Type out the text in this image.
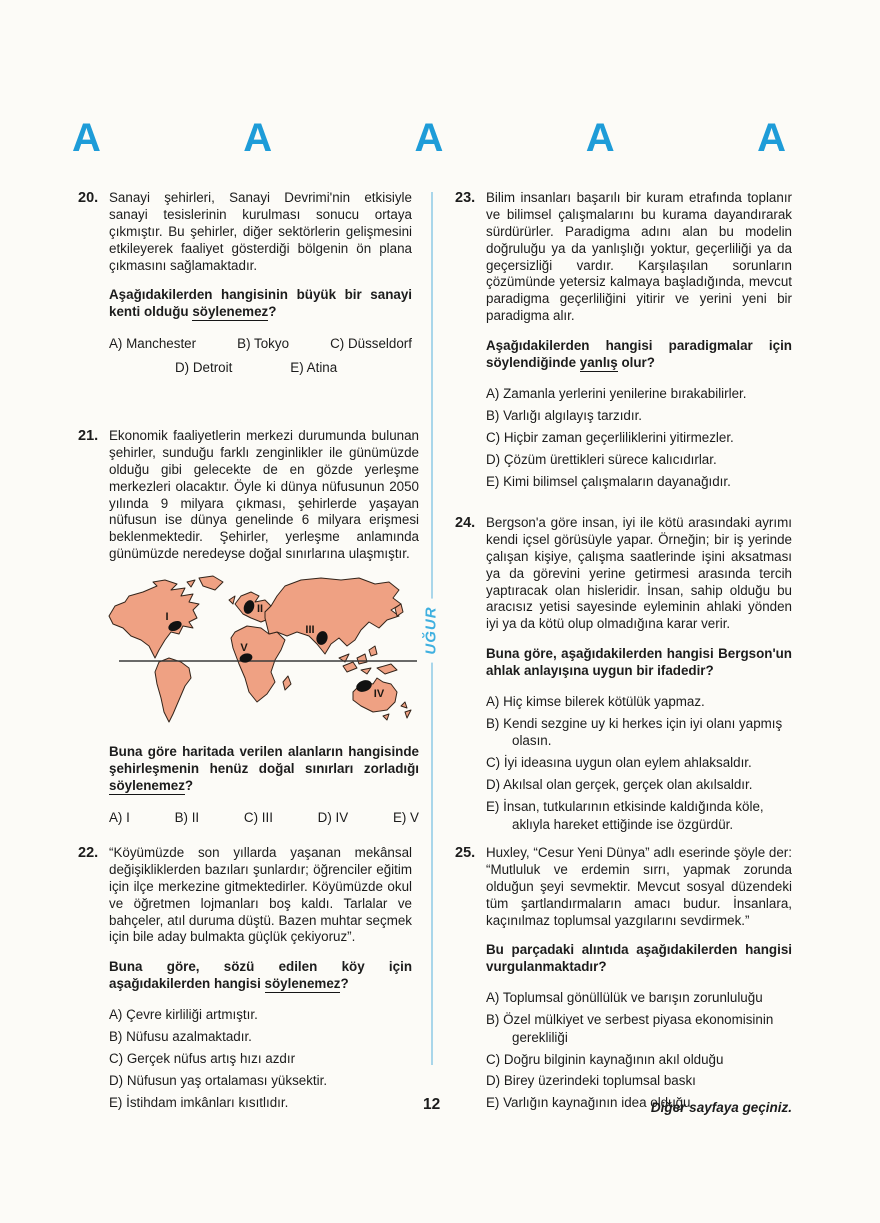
A	A	A	A	A
UĞUR
20. Sanayi şehirleri, Sanayi Devrimi'nin etkisiyle sanayi tesislerinin kurulması sonucu ortaya çıkmıştır. Bu şehirler, diğer sektörlerin gelişmesini etkileyerek faaliyet gösterdiği bölgenin ön plana çıkmasını sağlamaktadır.

Aşağıdakilerden hangisinin büyük bir sanayi kenti olduğu söylenemez?

A) Manchester	B) Tokyo	C) Düsseldorf
D) Detroit	E) Atina
21. Ekonomik faaliyetlerin merkezi durumunda bulunan şehirler, sunduğu farklı zenginlikler ile günümüzde olduğu gibi gelecekte de en gözde yerleşme merkezleri olacaktır. Öyle ki dünya nüfusunun 2050 yılında 9 milyara çıkması, şehirlerde yaşayan nüfusun ise dünya genelinde 6 milyara erişmesi beklenmektedir. Şehirler, yerleşme anlamında günümüzde neredeyse doğal sınırlarına ulaşmıştır.

I
II
III
IV
V

Buna göre haritada verilen alanların hangisinde şehirleşmenin henüz doğal sınırları zorladığı söylenemez?

A) I	B) II	C) III	D) IV	E) V
22. “Köyümüzde son yıllarda yaşanan mekânsal değişikliklerden bazıları şunlardır; öğrenciler eğitim için ilçe merkezine gitmektedirler. Köyümüzde okul ve öğretmen lojmanları boş kaldı. Tarlalar ve bahçeler, atıl duruma düştü. Bazen muhtar seçmek için bile aday bulmakta güçlük çekiyoruz”.

Buna göre, sözü edilen köy için aşağıdakilerden hangisi söylenemez?

A) Çevre kirliliği artmıştır.
B) Nüfusu azalmaktadır.
C) Gerçek nüfus artış hızı azdır
D) Nüfusun yaş ortalaması yüksektir.
E) İstihdam imkânları kısıtlıdır.
23. Bilim insanları başarılı bir kuram etrafında toplanır ve bilimsel çalışmalarını bu kurama dayandırarak sürdürürler. Paradigma adını alan bu modelin doğruluğu ya da yanlışlığı yoktur, geçerliliği ya da geçersizliği vardır. Karşılaşılan sorunların çözümünde yetersiz kalmaya başladığında, mevcut paradigma geçerliliğini yitirir ve yerini yeni bir paradigma alır.

Aşağıdakilerden hangisi paradigmalar için söylendiğinde yanlış olur?

A) Zamanla yerlerini yenilerine bırakabilirler.
B) Varlığı algılayış tarzıdır.
C) Hiçbir zaman geçerliliklerini yitirmezler.
D) Çözüm ürettikleri sürece kalıcıdırlar.
E) Kimi bilimsel çalışmaların dayanağıdır.
24. Bergson'a göre insan, iyi ile kötü arasındaki ayrımı kendi içsel görüsüyle yapar. Örneğin; bir iş yerinde çalışan kişiye, çalışma saatlerinde işini aksatması ya da görevini yerine getirmesi arasında tercih yaptıracak olan hisleridir. İnsan, sahip olduğu bu aracısız yetisi sayesinde eyleminin ahlaki yönden iyi ya da kötü olup olmadığına karar verir.

Buna göre, aşağıdakilerden hangisi Bergson'un ahlak anlayışına uygun bir ifadedir?

A) Hiç kimse bilerek kötülük yapmaz.
B) Kendi sezgine uy ki herkes için iyi olanı yapmış olasın.
C) İyi ideasına uygun olan eylem ahlaksaldır.
D) Akılsal olan gerçek, gerçek olan akılsaldır.
E) İnsan, tutkularının etkisinde kaldığında köle, aklıyla hareket ettiğinde ise özgürdür.
25. Huxley, “Cesur Yeni Dünya” adlı eserinde şöyle der: “Mutluluk ve erdemin sırrı, yapmak zorunda olduğun şeyi sevmektir. Mevcut sosyal düzendeki tüm şartlandırmaların amacı budur. İnsanlara, kaçınılmaz toplumsal yazgılarını sevdirmek.”

Bu parçadaki alıntıda aşağıdakilerden hangisi vurgulanmaktadır?

A) Toplumsal gönüllülük ve barışın zorunluluğu
B) Özel mülkiyet ve serbest piyasa ekonomisinin gerekliliği
C) Doğru bilginin kaynağının akıl olduğu
D) Birey üzerindeki toplumsal baskı
E) Varlığın kaynağının idea olduğu
12	Diğer sayfaya geçiniz.
